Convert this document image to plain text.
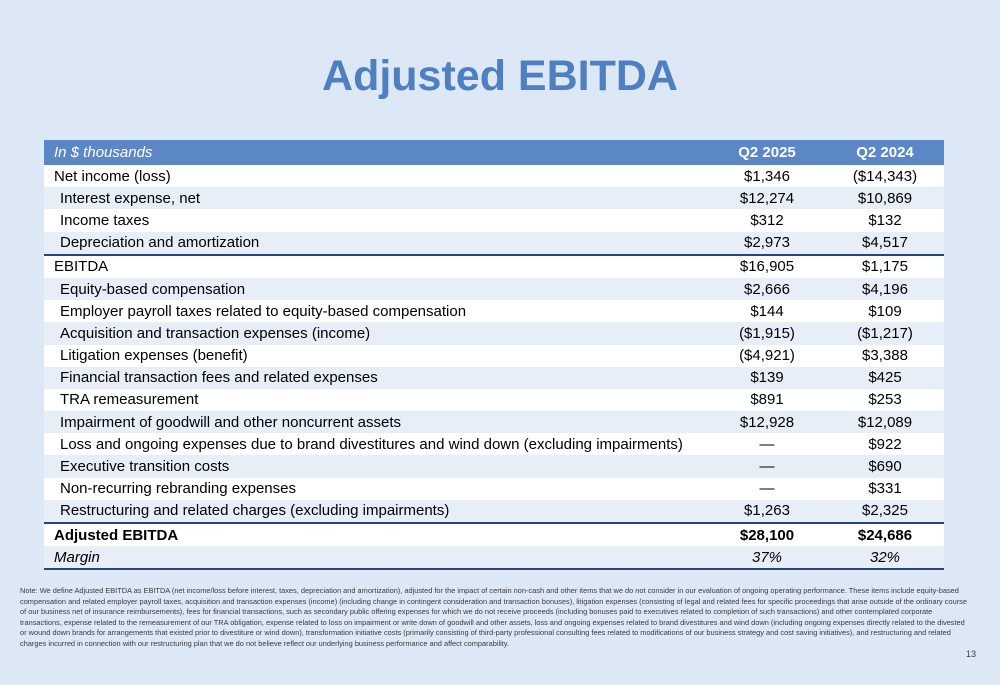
Adjusted EBITDA
In $ thousands	Q2 2025	Q2 2024
Net income (loss)	$1,346	($14,343)
Interest expense, net	$12,274	$10,869
Income taxes	$312	$132
Depreciation and amortization	$2,973	$4,517
EBITDA	$16,905	$1,175
Equity-based compensation	$2,666	$4,196
Employer payroll taxes related to equity-based compensation	$144	$109
Acquisition and transaction expenses (income)	($1,915)	($1,217)
Litigation expenses (benefit)	($4,921)	$3,388
Financial transaction fees and related expenses	$139	$425
TRA remeasurement	$891	$253
Impairment of goodwill and other noncurrent assets	$12,928	$12,089
Loss and ongoing expenses due to brand divestitures and wind down (excluding impairments)	—	$922
Executive transition costs	—	$690
Non-recurring rebranding expenses	—	$331
Restructuring and related charges (excluding impairments)	$1,263	$2,325
Adjusted EBITDA	$28,100	$24,686
Margin	37%	32%
Note: We define Adjusted EBITDA as EBITDA (net income/loss before interest, taxes, depreciation and amortization), adjusted for the impact of certain non-cash and other items that we do not consider in our evaluation of ongoing operating performance. These items include equity-based compensation and related employer payroll taxes, acquisition and transaction expenses (income) (including change in contingent consideration and transaction bonuses), litigation expenses (consisting of legal and related fees for specific proceedings that arise outside of the ordinary course of our business net of insurance reimbursements), fees for financial transactions, such as secondary public offering expenses for which we do not receive proceeds (including bonuses paid to executives related to completion of such transactions) and other contemplated corporate transactions, expense related to the remeasurement of our TRA obligation, expense related to loss on impairment or write down of goodwill and other assets, loss and ongoing expenses related to brand divestitures and wind down (including ongoing expenses directly related to the divested or wound down brands for arrangements that existed prior to divestiture or wind down), transformation initiative costs (primarily consisting of third-party professional consulting fees related to modifications of our business strategy and cost saving initiatives), and restructuring and related charges incurred in connection with our restructuring plan that we do not believe reflect our underlying business performance and affect comparability.
13
